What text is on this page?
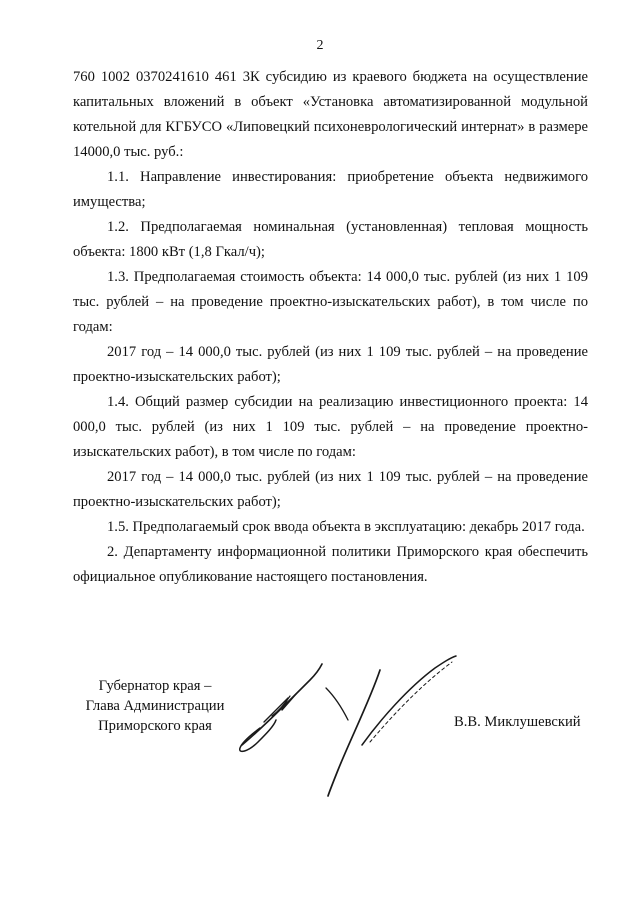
2

760 1002 0370241610 461 3К субсидию из краевого бюджета на осуществление капитальных вложений в объект «Установка автоматизированной модульной котельной для КГБУСО «Липовецкий психоневрологический интернат» в размере 14000,0 тыс. руб.:

1.1. Направление инвестирования: приобретение объекта недвижимого имущества;

1.2. Предполагаемая номинальная (установленная) тепловая мощность объекта: 1800 кВт (1,8 Гкал/ч);

1.3. Предполагаемая стоимость объекта: 14 000,0 тыс. рублей (из них 1 109 тыс. рублей – на проведение проектно-изыскательских работ), в том числе по годам:

2017 год – 14 000,0 тыс. рублей (из них 1 109 тыс. рублей – на проведение проектно-изыскательских работ);

1.4. Общий размер субсидии на реализацию инвестиционного проекта: 14 000,0 тыс. рублей (из них 1 109 тыс. рублей – на проведение проектно-изыскательских работ), в том числе по годам:

2017 год – 14 000,0 тыс. рублей (из них 1 109 тыс. рублей – на проведение проектно-изыскательских работ);

1.5. Предполагаемый срок ввода объекта в эксплуатацию: декабрь 2017 года.

2. Департаменту информационной политики Приморского края обеспечить официальное опубликование настоящего постановления.

Губернатор края –
Глава Администрации
Приморского края	В.В. Миклушевский
